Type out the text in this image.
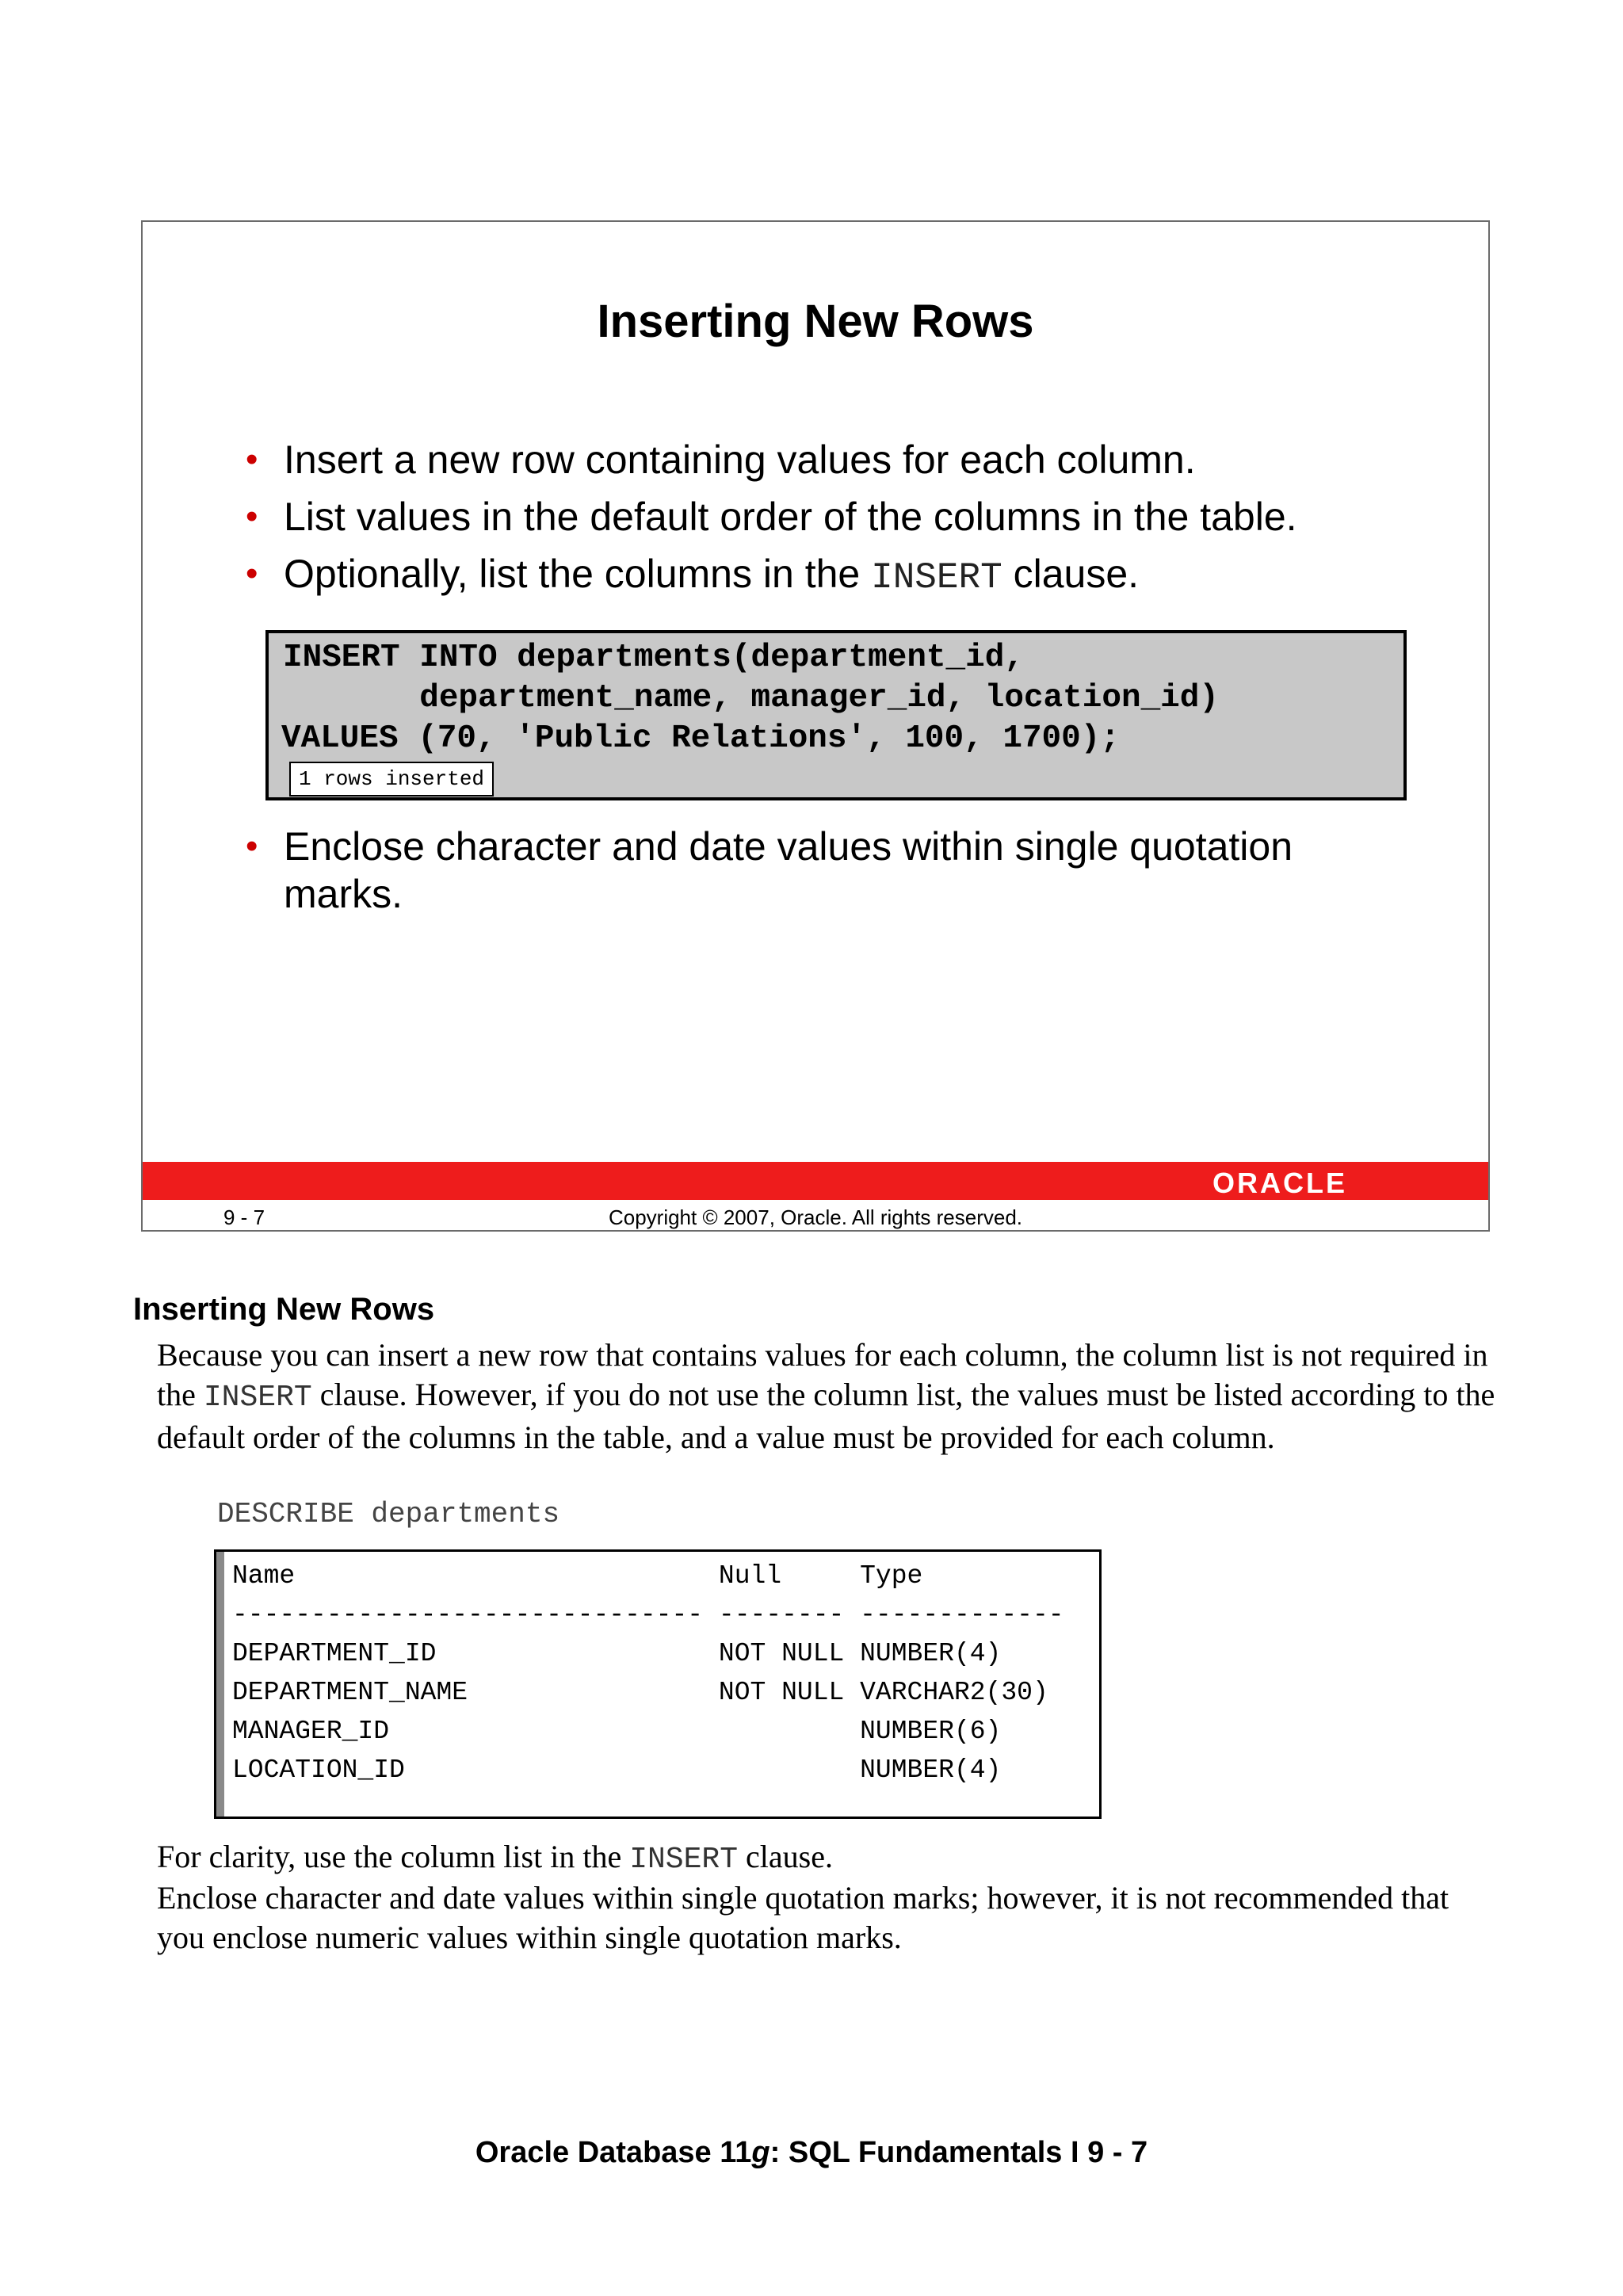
Inserting New Rows
• Insert a new row containing values for each column.
• List values in the default order of the columns in the table.
• Optionally, list the columns in the INSERT clause.
INSERT INTO departments(department_id,
department_name, manager_id, location_id)
VALUES (70, 'Public Relations', 100, 1700);
1 rows inserted
• Enclose character and date values within single quotation marks.
ORACLE
9 - 7	Copyright © 2007, Oracle. All rights reserved.
Inserting New Rows
Because you can insert a new row that contains values for each column, the column list is not required in the INSERT clause. However, if you do not use the column list, the values must be listed according to the default order of the columns in the table, and a value must be provided for each column.
DESCRIBE departments
Name                           Null     Type
------------------------------ -------- -------------
DEPARTMENT_ID                  NOT NULL NUMBER(4)
DEPARTMENT_NAME                NOT NULL VARCHAR2(30)
MANAGER_ID                              NUMBER(6)
LOCATION_ID                             NUMBER(4)
For clarity, use the column list in the INSERT clause.
Enclose character and date values within single quotation marks; however, it is not recommended that you enclose numeric values within single quotation marks.
Oracle Database 11g: SQL Fundamentals I 9 - 7
